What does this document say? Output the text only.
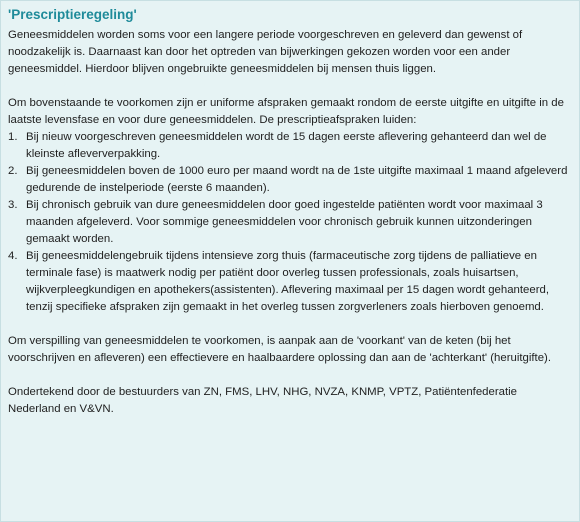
'Prescriptieregeling'

Geneesmiddelen worden soms voor een langere periode voorgeschreven en geleverd dan gewenst of noodzakelijk is. Daarnaast kan door het optreden van bijwerkingen gekozen worden voor een ander geneesmiddel. Hierdoor blijven ongebruikte geneesmiddelen bij mensen thuis liggen.

Om bovenstaande te voorkomen zijn er uniforme afspraken gemaakt rondom de eerste uitgifte en uitgifte in de laatste levensfase en voor dure geneesmiddelen. De prescriptieafspraken luiden:

1. Bij nieuw voorgeschreven geneesmiddelen wordt de 15 dagen eerste aflevering gehanteerd dan wel de kleinste afleververpakking.
2. Bij geneesmiddelen boven de 1000 euro per maand wordt na de 1ste uitgifte maximaal 1 maand afgeleverd gedurende de instelperiode (eerste 6 maanden).
3. Bij chronisch gebruik van dure geneesmiddelen door goed ingestelde patiënten wordt voor maximaal 3 maanden afgeleverd. Voor sommige geneesmiddelen voor chronisch gebruik kunnen uitzonderingen gemaakt worden.
4. Bij geneesmiddelengebruik tijdens intensieve zorg thuis (farmaceutische zorg tijdens de palliatieve en terminale fase) is maatwerk nodig per patiënt door overleg tussen professionals, zoals huisartsen, wijkverpleegkundigen en apothekers(assistenten). Aflevering maximaal per 15 dagen wordt gehanteerd, tenzij specifieke afspraken zijn gemaakt in het overleg tussen zorgverleners zoals hierboven genoemd.

Om verspilling van geneesmiddelen te voorkomen, is aanpak aan de 'voorkant' van de keten (bij het voorschrijven en afleveren) een effectievere en haalbaardere oplossing dan aan de 'achterkant' (heruitgifte).

Ondertekend door de bestuurders van ZN, FMS, LHV, NHG, NVZA, KNMP, VPTZ, Patiëntenfederatie Nederland en V&VN.
